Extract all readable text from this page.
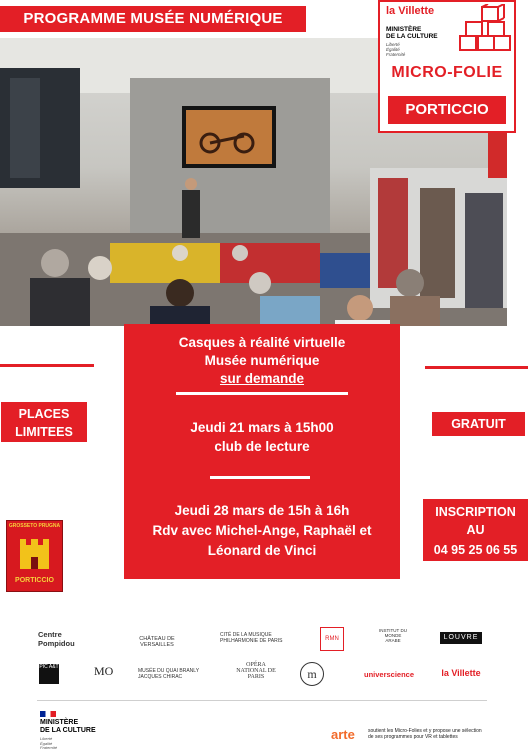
PROGRAMME MUSÉE NUMÉRIQUE	la Villette
MINISTÈRE
DE LA CULTURE
Liberté
Égalité
Fraternité
MICRO-FOLIE
PORTICCIO
Casques à réalité virtuelle
Musée numérique
sur demande
Jeudi 21 mars à 15h00
club de lecture
Jeudi 28 mars de 15h à 16h
Rdv avec Michel-Ange, Raphaël et
Léonard de Vinci
PLACES
LIMITEES
GRATUIT
INSCRIPTION
AU
04 95 25 06 55
GROSSETO PRUGNA
PORTICCIO
Centre Pompidou	CHÂTEAU DE VERSAILLES
CITÉ DE LA MUSIQUE PHILHARMONIE DE PARIS	RMN
INSTITUT DU MONDE ARABE	LOUVRE
PIC A&T	MO	MUSÉE DU QUAI BRANLY JACQUES CHIRAC
OPÉRA NATIONAL DE PARIS	m	universcience	la Villette
MINISTÈRE
DE LA CULTURE
Liberté
Égalité
Fraternité
arte	soutient les Micro-Folies et y propose une sélection
de ses programmes pour VR et tablettes
